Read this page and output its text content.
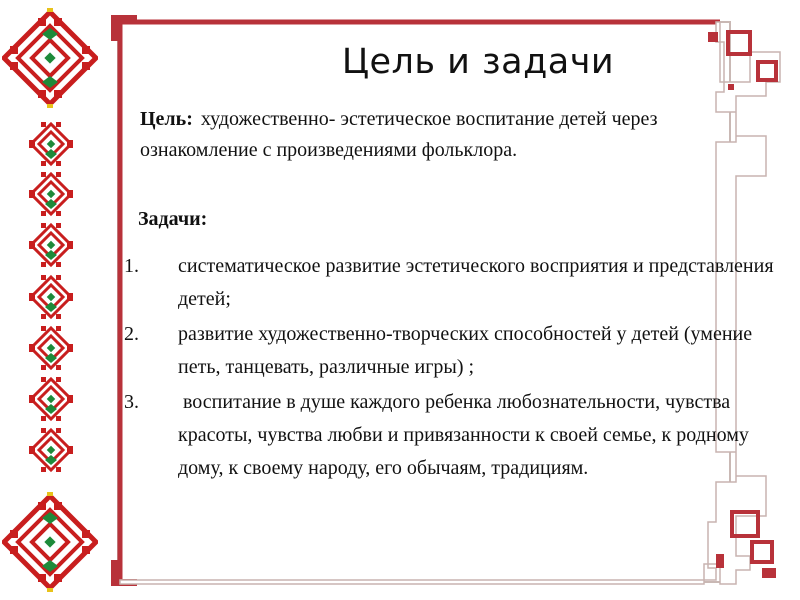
Цель и задачи
Цель: художественно- эстетическое воспитание детей через ознакомление с произведениями фольклора.
Задачи:
1. систематическое развитие эстетического восприятия и представления детей;
2. развитие художественно-творческих способностей у детей (умение петь, танцевать, различные игры) ;
3. воспитание в душе каждого ребенка любознательности, чувства красоты, чувства любви и привязанности к своей семье, к родному дому, к своему народу, его обычаям, традициям.
